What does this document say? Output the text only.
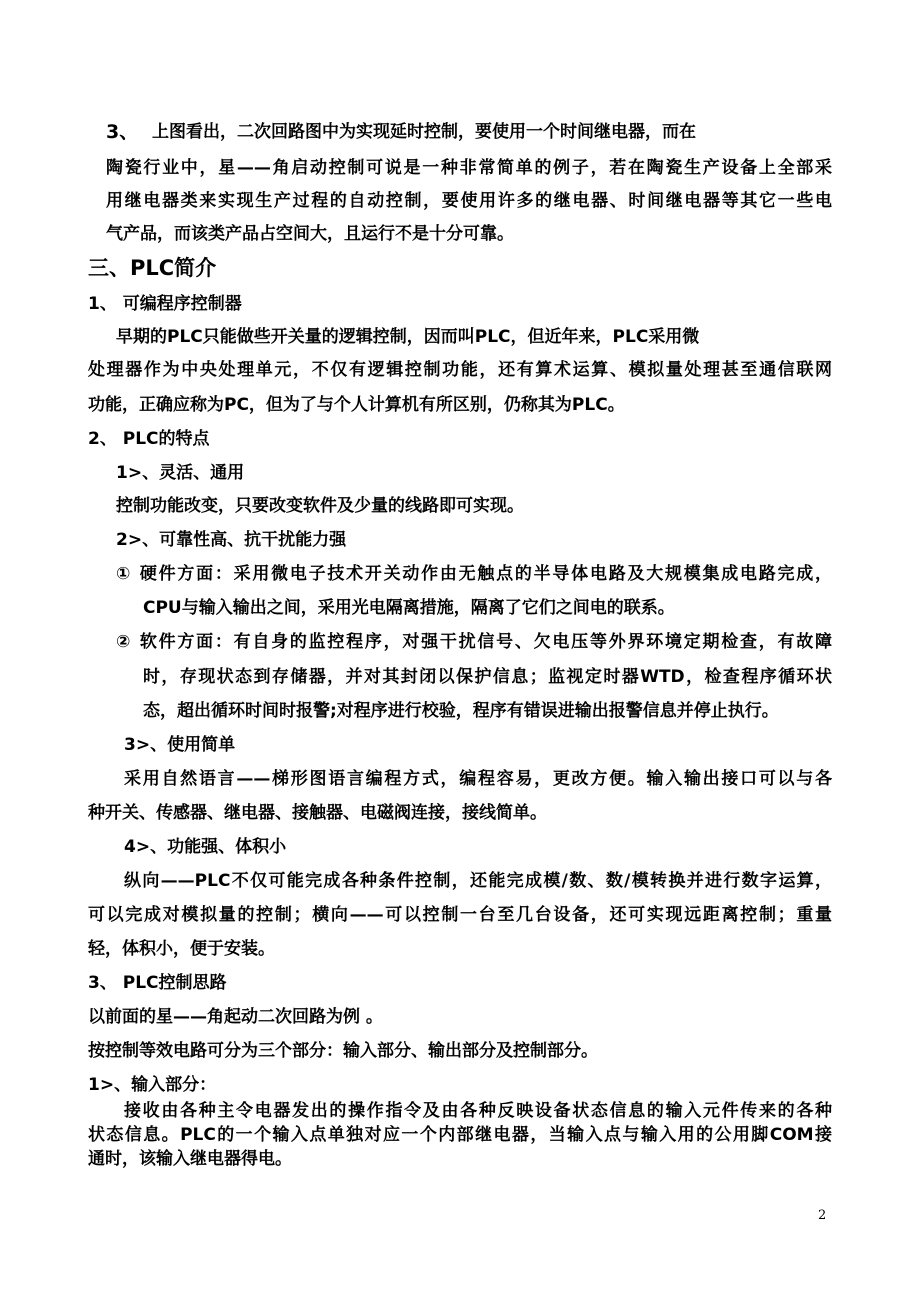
3、 上图看出，二次回路图中为实现延时控制，要使用一个时间继电器，而在
陶瓷行业中，星——角启动控制可说是一种非常简单的例子，若在陶瓷生产设备上全部采
用继电器类来实现生产过程的自动控制，要使用许多的继电器、时间继电器等其它一些电
气产品，而该类产品占空间大，且运行不是十分可靠。
三、PLC简介
1、 可编程序控制器
早期的PLC只能做些开关量的逻辑控制，因而叫PLC，但近年来，PLC采用微
处理器作为中央处理单元，不仅有逻辑控制功能，还有算术运算、模拟量处理甚至通信联网
功能，正确应称为PC，但为了与个人计算机有所区别，仍称其为PLC。
2、 PLC的特点
1>、灵活、通用
控制功能改变，只要改变软件及少量的线路即可实现。
2>、可靠性高、抗干扰能力强
① 硬件方面：采用微电子技术开关动作由无触点的半导体电路及大规模集成电路完成，
CPU与输入输出之间，采用光电隔离措施，隔离了它们之间电的联系。
② 软件方面：有自身的监控程序，对强干扰信号、欠电压等外界环境定期检查，有故障
时，存现状态到存储器，并对其封闭以保护信息；监视定时器WTD，检查程序循环状
态，超出循环时间时报警;对程序进行校验，程序有错误进输出报警信息并停止执行。
3>、使用简单
采用自然语言——梯形图语言编程方式，编程容易，更改方便。输入输出接口可以与各
种开关、传感器、继电器、接触器、电磁阀连接，接线简单。
4>、功能强、体积小
纵向——PLC不仅可能完成各种条件控制，还能完成模/数、数/模转换并进行数字运算，
可以完成对模拟量的控制；横向——可以控制一台至几台设备，还可实现远距离控制；重量
轻，体积小，便于安装。
3、 PLC控制思路
以前面的星——角起动二次回路为例 。
按控制等效电路可分为三个部分：输入部分、输出部分及控制部分。
1>、输入部分：
接收由各种主令电器发出的操作指令及由各种反映设备状态信息的输入元件传来的各种
状态信息。PLC的一个输入点单独对应一个内部继电器，当输入点与输入用的公用脚COM接
通时，该输入继电器得电。
2
